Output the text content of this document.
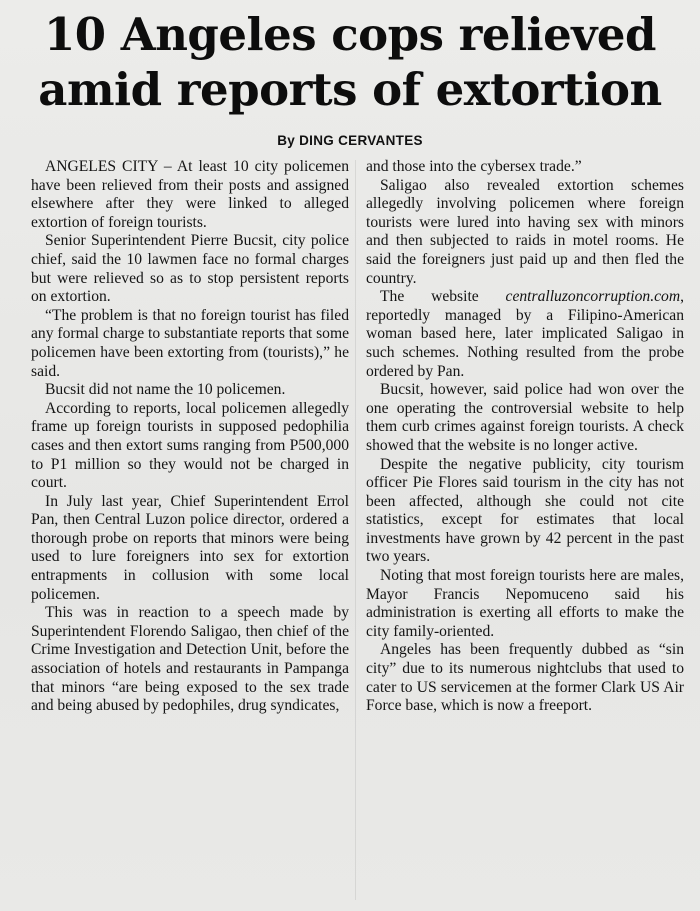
10 Angeles cops relieved
amid reports of extortion
By DING CERVANTES

ANGELES CITY – At least 10 city policemen have been relieved from their posts and assigned elsewhere after they were linked to alleged extortion of foreign tourists.

Senior Superintendent Pierre Bucsit, city police chief, said the 10 lawmen face no formal charges but were relieved so as to stop persistent reports on extortion.

“The problem is that no foreign tourist has filed any formal charge to substantiate reports that some policemen have been extorting from (tourists),” he said.

Bucsit did not name the 10 policemen.

According to reports, local policemen allegedly frame up foreign tourists in supposed pedophilia cases and then extort sums ranging from P500,000 to P1 million so they would not be charged in court.

In July last year, Chief Superintendent Errol Pan, then Central Luzon police director, ordered a thorough probe on reports that minors were being used to lure foreigners into sex for extortion entrapments in collusion with some local policemen.

This was in reaction to a speech made by Superintendent Florendo Saligao, then chief of the Crime Investigation and Detection Unit, before the association of hotels and restaurants in Pampanga that minors “are being exposed to the sex trade and being abused by pedophiles, drug syndicates,

and those into the cybersex trade.”

Saligao also revealed extortion schemes allegedly involving policemen where foreign tourists were lured into having sex with minors and then subjected to raids in motel rooms. He said the foreigners just paid up and then fled the country.

The website centralluzoncorruption.com, reportedly managed by a Filipino-American woman based here, later implicated Saligao in such schemes. Nothing resulted from the probe ordered by Pan.

Bucsit, however, said police had won over the one operating the controversial website to help them curb crimes against foreign tourists. A check showed that the website is no longer active.

Despite the negative publicity, city tourism officer Pie Flores said tourism in the city has not been affected, although she could not cite statistics, except for estimates that local investments have grown by 42 percent in the past two years.

Noting that most foreign tourists here are males, Mayor Francis Nepomuceno said his administration is exerting all efforts to make the city family-oriented.

Angeles has been frequently dubbed as “sin city” due to its numerous nightclubs that used to cater to US servicemen at the former Clark US Air Force base, which is now a freeport.
